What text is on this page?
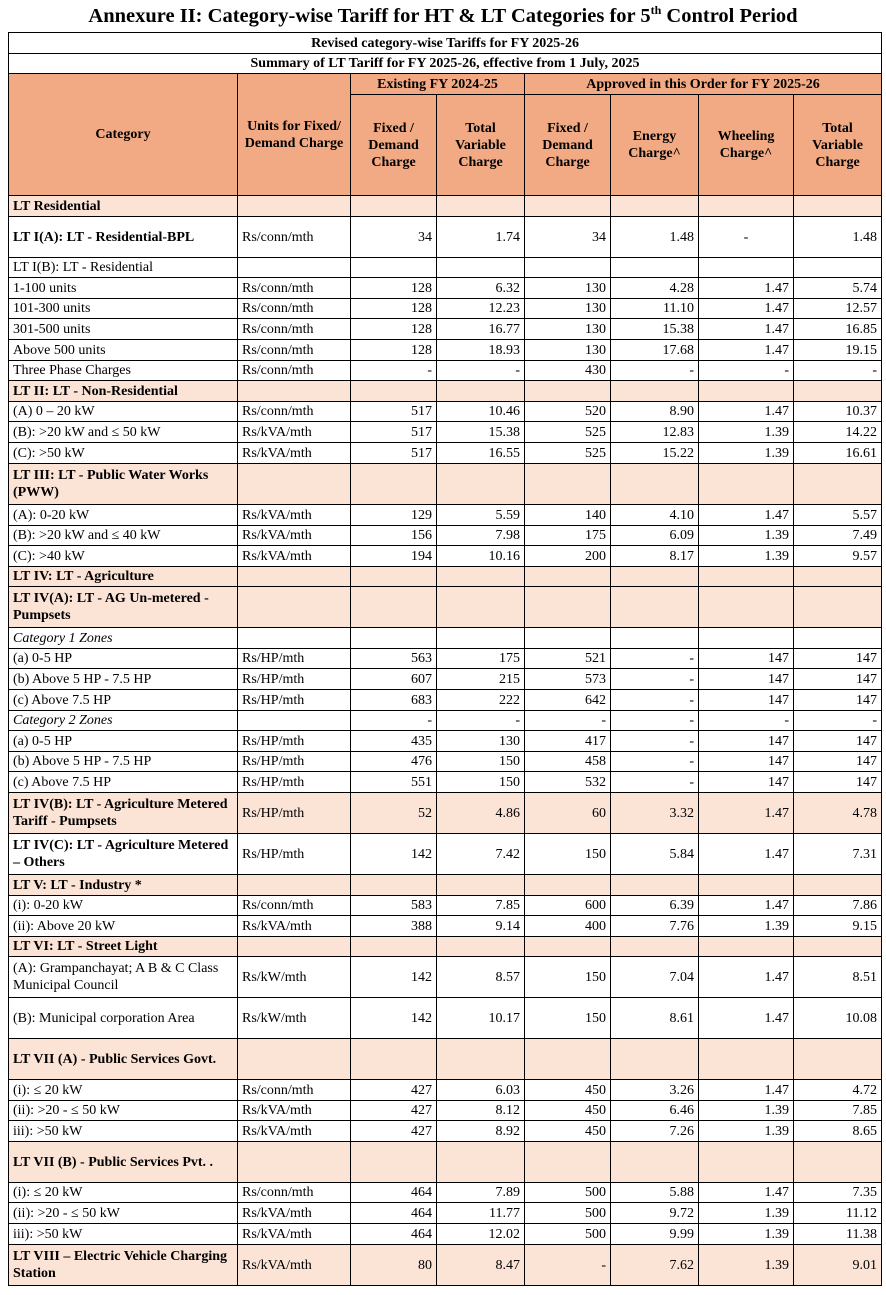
Annexure II: Category-wise Tariff for HT & LT Categories for 5th Control Period
Revised category-wise Tariffs for FY 2025-26							
Summary of LT Tariff for FY 2025-26, effective from 1 July, 2025							
Category	Units for Fixed/ Demand Charge	Existing FY 2024-25		Approved in this Order for FY 2025-26			
		Fixed / Demand Charge	Total Variable Charge	Fixed / Demand Charge	Energy Charge^	Wheeling Charge^	Total Variable Charge
LT Residential							
LT I(A): LT - Residential-BPL	Rs/conn/mth	34	1.74	34	1.48	-	1.48
LT I(B): LT - Residential							
1-100 units	Rs/conn/mth	128	6.32	130	4.28	1.47	5.74
101-300 units	Rs/conn/mth	128	12.23	130	11.10	1.47	12.57
301-500 units	Rs/conn/mth	128	16.77	130	15.38	1.47	16.85
Above 500 units	Rs/conn/mth	128	18.93	130	17.68	1.47	19.15
Three Phase Charges	Rs/conn/mth	-	-	430	-	-	-
LT II: LT - Non-Residential							
(A) 0 – 20 kW	Rs/conn/mth	517	10.46	520	8.90	1.47	10.37
(B): >20 kW and ≤ 50 kW	Rs/kVA/mth	517	15.38	525	12.83	1.39	14.22
(C): >50 kW	Rs/kVA/mth	517	16.55	525	15.22	1.39	16.61
LT III: LT - Public Water Works (PWW)							
(A): 0-20 kW	Rs/kVA/mth	129	5.59	140	4.10	1.47	5.57
(B): >20 kW and ≤ 40 kW	Rs/kVA/mth	156	7.98	175	6.09	1.39	7.49
(C): >40 kW	Rs/kVA/mth	194	10.16	200	8.17	1.39	9.57
LT IV: LT - Agriculture							
LT IV(A): LT - AG Un-metered - Pumpsets							
Category 1 Zones							
(a) 0-5 HP	Rs/HP/mth	563	175	521	-	147	147
(b) Above 5 HP - 7.5 HP	Rs/HP/mth	607	215	573	-	147	147
(c) Above 7.5 HP	Rs/HP/mth	683	222	642	-	147	147
Category 2 Zones		-	-	-	-	-	-
(a) 0-5 HP	Rs/HP/mth	435	130	417	-	147	147
(b) Above 5 HP - 7.5 HP	Rs/HP/mth	476	150	458	-	147	147
(c) Above 7.5 HP	Rs/HP/mth	551	150	532	-	147	147
LT IV(B): LT - Agriculture Metered Tariff - Pumpsets	Rs/HP/mth	52	4.86	60	3.32	1.47	4.78
LT IV(C): LT - Agriculture Metered – Others	Rs/HP/mth	142	7.42	150	5.84	1.47	7.31
LT V: LT - Industry *							
(i): 0-20 kW	Rs/conn/mth	583	7.85	600	6.39	1.47	7.86
(ii): Above 20 kW	Rs/kVA/mth	388	9.14	400	7.76	1.39	9.15
LT VI: LT - Street Light							
(A): Grampanchayat; A B & C Class Municipal Council	Rs/kW/mth	142	8.57	150	7.04	1.47	8.51
(B): Municipal corporation Area	Rs/kW/mth	142	10.17	150	8.61	1.47	10.08
LT VII (A) - Public Services Govt.							
(i): ≤ 20 kW	Rs/conn/mth	427	6.03	450	3.26	1.47	4.72
(ii): >20 - ≤ 50 kW	Rs/kVA/mth	427	8.12	450	6.46	1.39	7.85
iii): >50 kW	Rs/kVA/mth	427	8.92	450	7.26	1.39	8.65
LT VII (B) - Public Services Pvt. .							
(i): ≤ 20 kW	Rs/conn/mth	464	7.89	500	5.88	1.47	7.35
(ii): >20 - ≤ 50 kW	Rs/kVA/mth	464	11.77	500	9.72	1.39	11.12
iii): >50 kW	Rs/kVA/mth	464	12.02	500	9.99	1.39	11.38
LT VIII – Electric Vehicle Charging Station	Rs/kVA/mth	80	8.47	-	7.62	1.39	9.01
